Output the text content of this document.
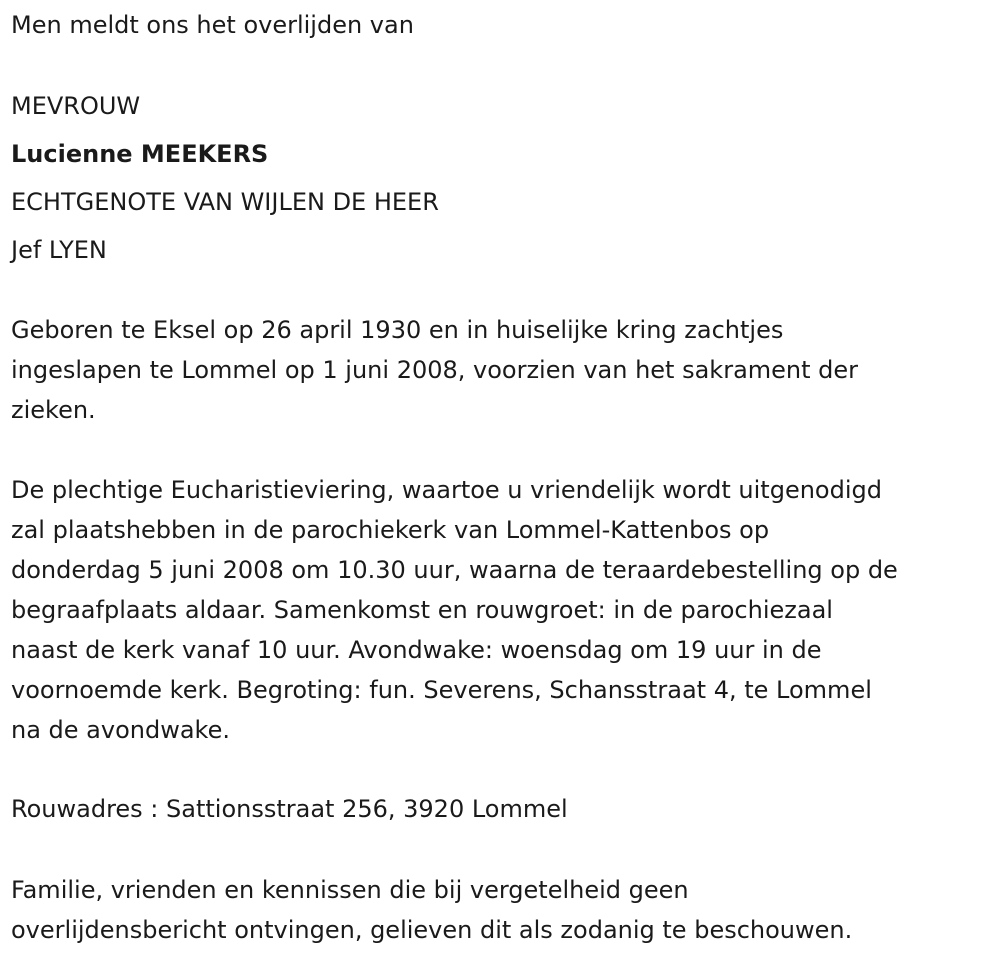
Men meldt ons het overlijden van
MEVROUW
Lucienne MEEKERS
ECHTGENOTE VAN WIJLEN DE HEER
Jef LYEN
Geboren te Eksel op 26 april 1930 en in huiselijke kring zachtjes
ingeslapen te Lommel op 1 juni 2008, voorzien van het sakrament der
zieken.
De plechtige Eucharistieviering, waartoe u vriendelijk wordt uitgenodigd
zal plaatshebben in de parochiekerk van Lommel-Kattenbos op
donderdag 5 juni 2008 om 10.30 uur, waarna de teraardebestelling op de
begraafplaats aldaar. Samenkomst en rouwgroet: in de parochiezaal
naast de kerk vanaf 10 uur. Avondwake: woensdag om 19 uur in de
voornoemde kerk. Begroting: fun. Severens, Schansstraat 4, te Lommel
na de avondwake.
Rouwadres : Sattionsstraat 256, 3920 Lommel
Familie, vrienden en kennissen die bij vergetelheid geen
overlijdensbericht ontvingen, gelieven dit als zodanig te beschouwen.
